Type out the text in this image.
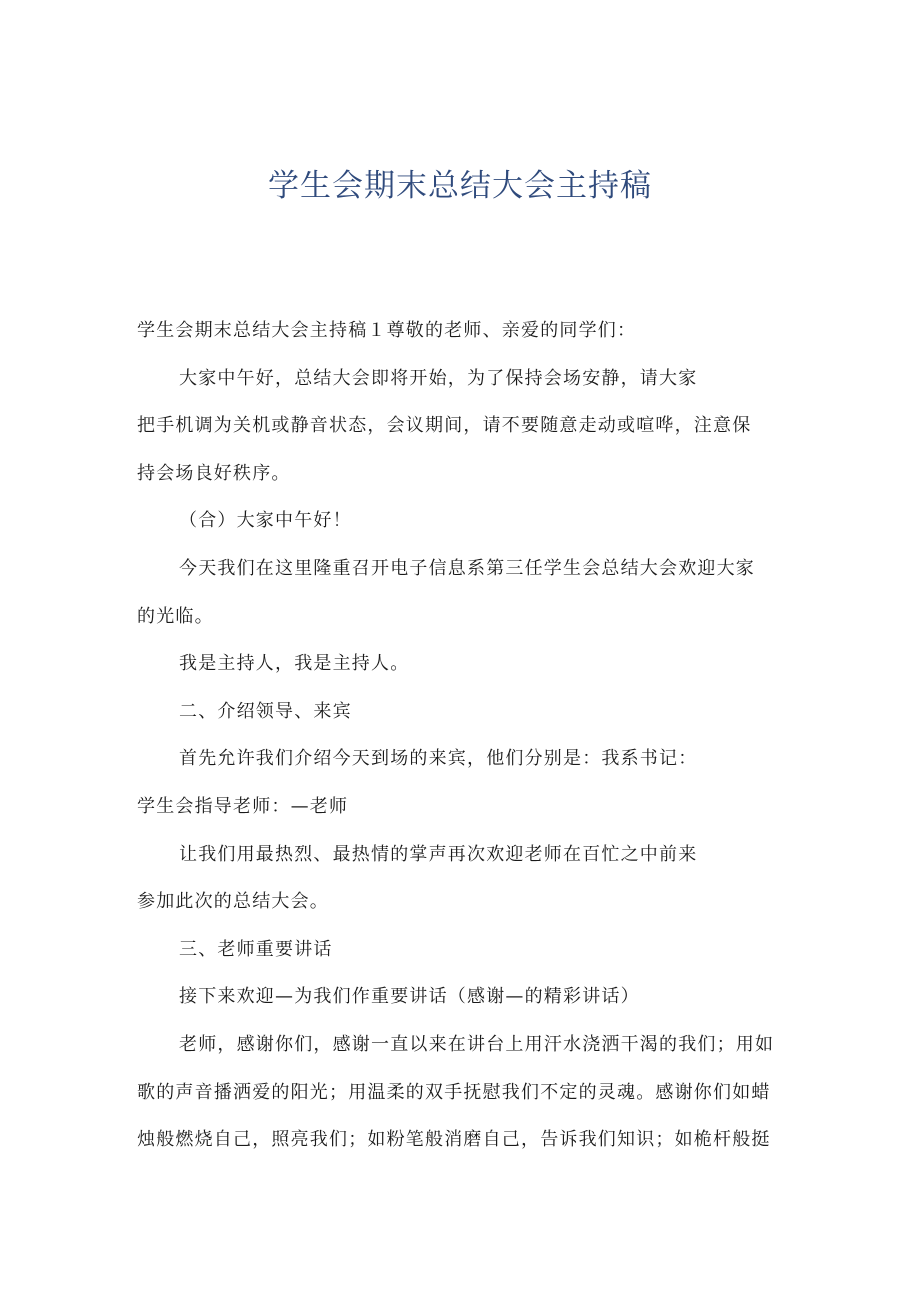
学生会期末总结大会主持稿
学生会期末总结大会主持稿１尊敬的老师、亲爱的同学们：
大家中午好，总结大会即将开始，为了保持会场安静，请大家
把手机调为关机或静音状态，会议期间，请不要随意走动或喧哗，注意保
持会场良好秩序。
（合）大家中午好！
今天我们在这里隆重召开电子信息系第三任学生会总结大会欢迎大家
的光临。
我是主持人，我是主持人。
二、介绍领导、来宾
首先允许我们介绍今天到场的来宾，他们分别是：我系书记：
学生会指导老师：—老师
让我们用最热烈、最热情的掌声再次欢迎老师在百忙之中前来
参加此次的总结大会。
三、老师重要讲话
接下来欢迎—为我们作重要讲话（感谢—的精彩讲话）
老师，感谢你们，感谢一直以来在讲台上用汗水浇洒干渴的我们；用如
歌的声音播洒爱的阳光；用温柔的双手抚慰我们不定的灵魂。感谢你们如蜡
烛般燃烧自己，照亮我们；如粉笔般消磨自己，告诉我们知识；如桅杆般挺
